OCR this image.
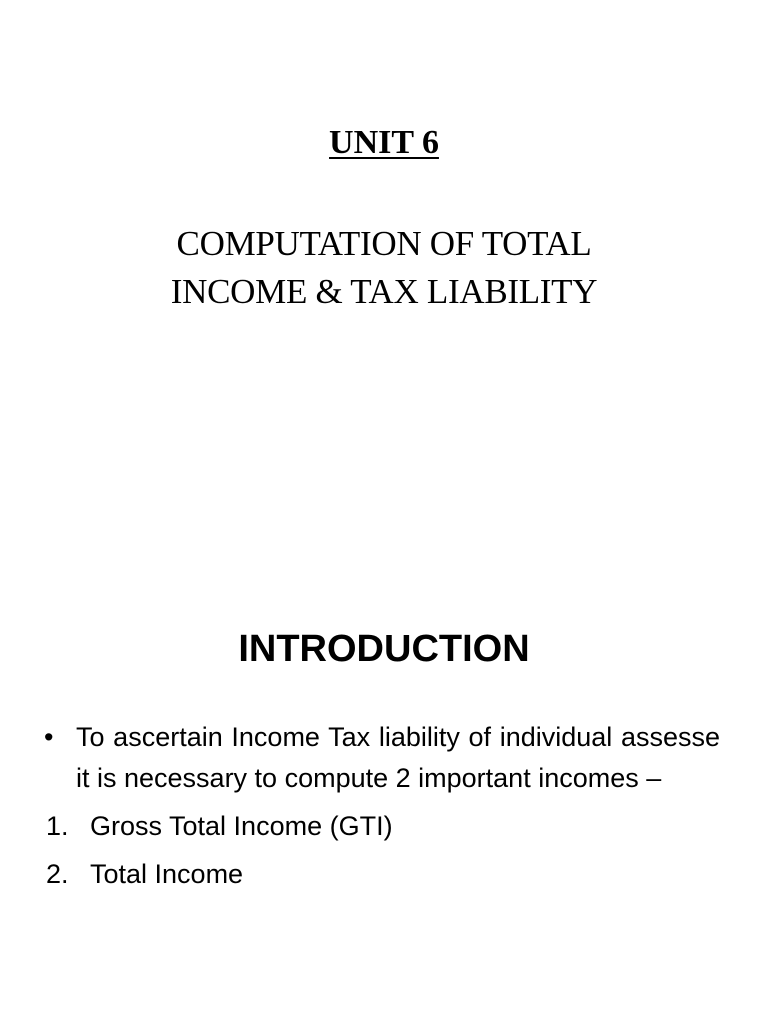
UNIT 6

COMPUTATION OF TOTAL
INCOME & TAX LIABILITY

INTRODUCTION
• To ascertain Income Tax liability of individual assesse it is necessary to compute 2 important incomes –
1. Gross Total Income (GTI)
2. Total Income
